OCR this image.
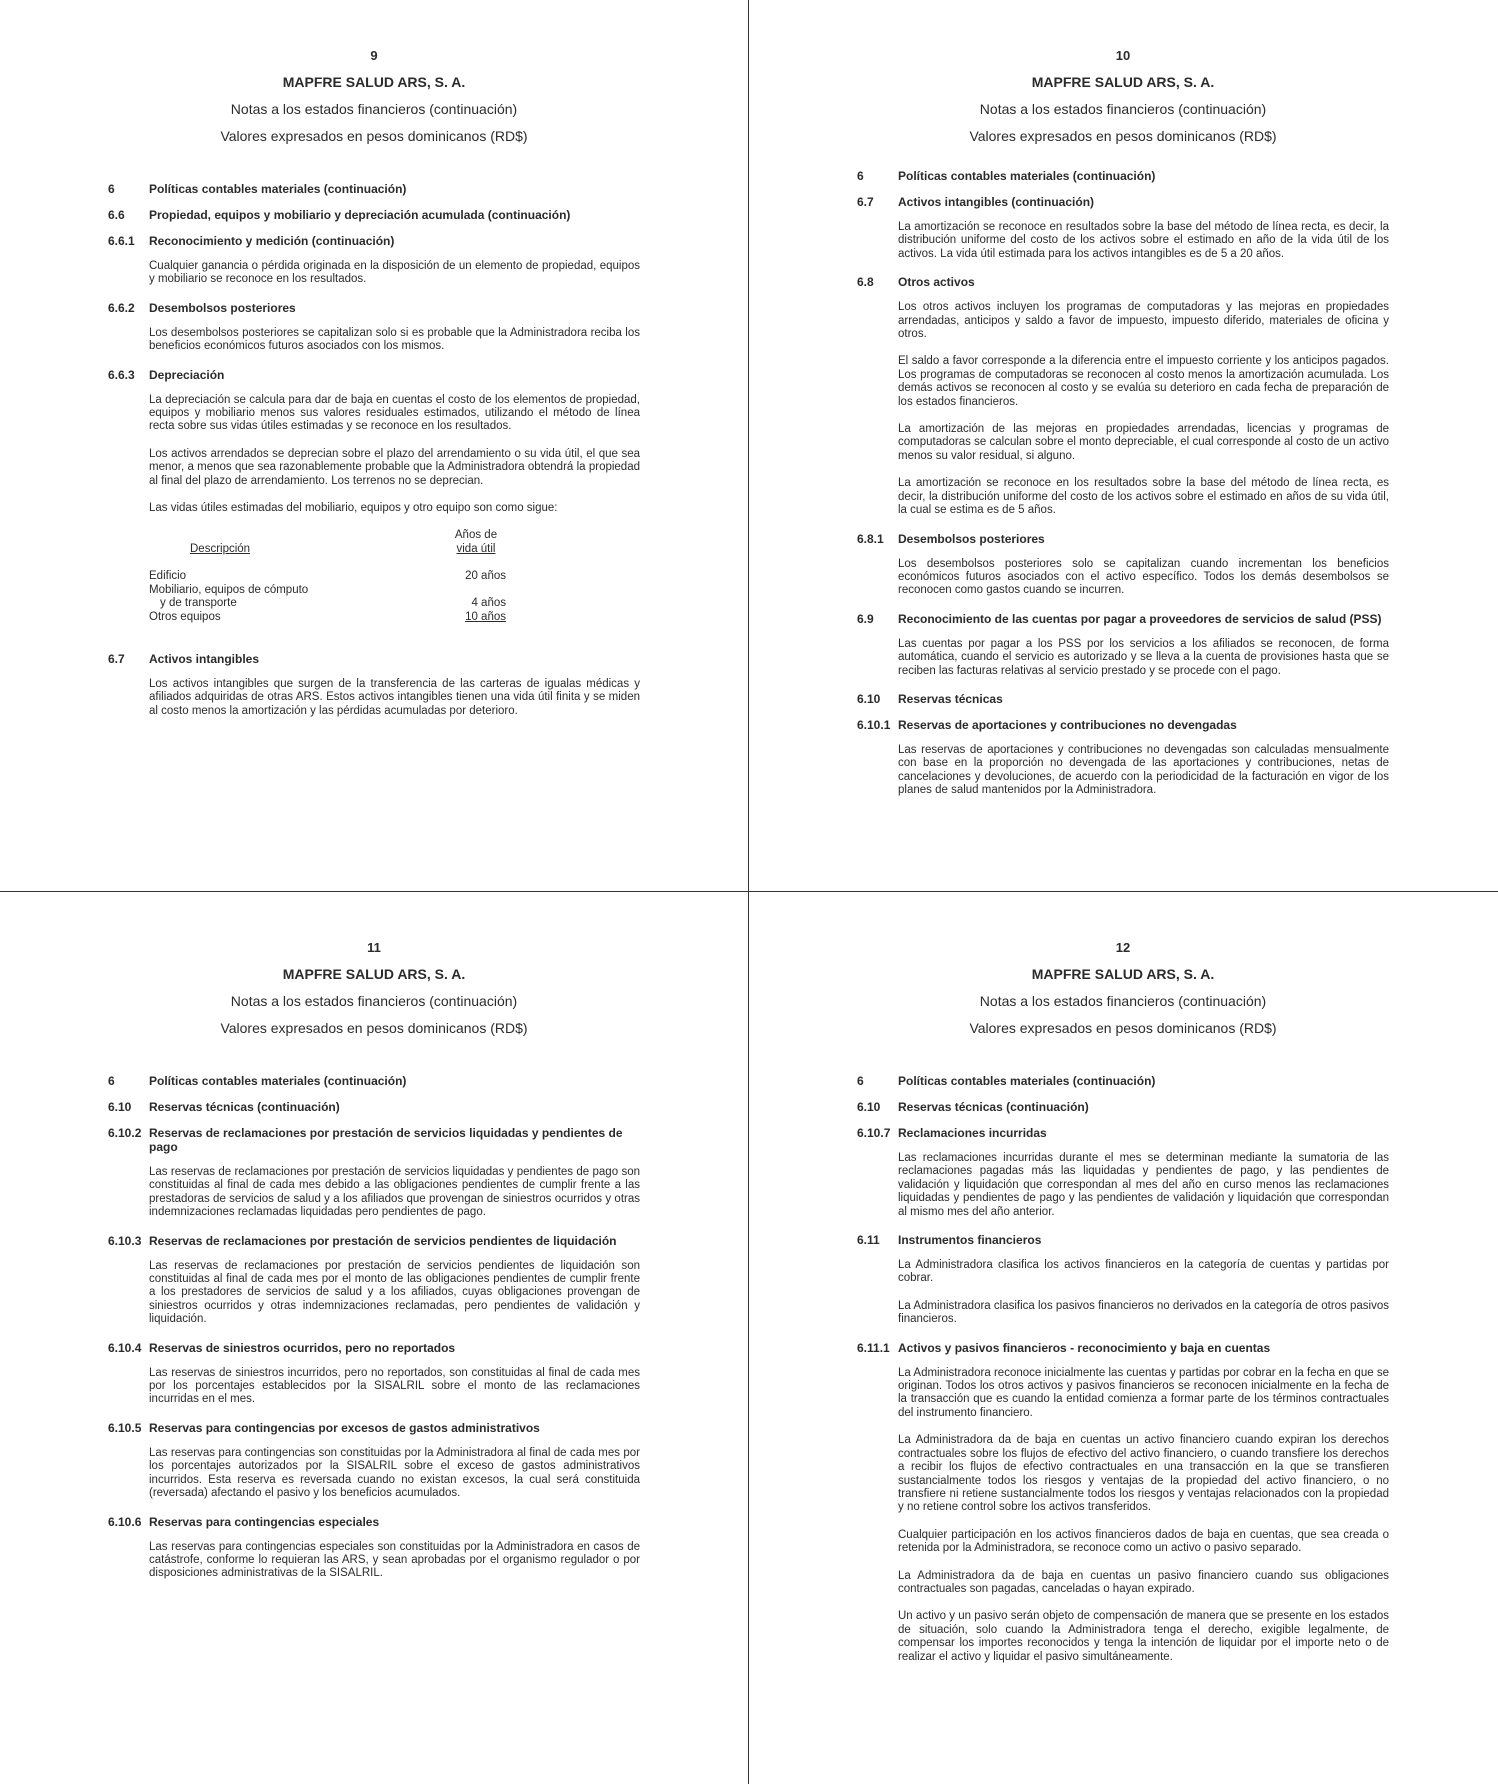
9
MAPFRE SALUD ARS, S. A.
Notas a los estados financieros (continuación)
Valores expresados en pesos dominicanos (RD$)
6	Políticas contables materiales (continuación)
6.6	Propiedad, equipos y mobiliario y depreciación acumulada (continuación)
6.6.1	Reconocimiento y medición (continuación)
Cualquier ganancia o pérdida originada en la disposición de un elemento de propiedad, equipos y mobiliario se reconoce en los resultados.
6.6.2	Desembolsos posteriores
Los desembolsos posteriores se capitalizan solo si es probable que la Administradora reciba los beneficios económicos futuros asociados con los mismos.
6.6.3	Depreciación
La depreciación se calcula para dar de baja en cuentas el costo de los elementos de propiedad, equipos y mobiliario menos sus valores residuales estimados, utilizando el método de línea recta sobre sus vidas útiles estimadas y se reconoce en los resultados.
Los activos arrendados se deprecian sobre el plazo del arrendamiento o su vida útil, el que sea menor, a menos que sea razonablemente probable que la Administradora obtendrá la propiedad al final del plazo de arrendamiento. Los terrenos no se deprecian.
Las vidas útiles estimadas del mobiliario, equipos y otro equipo son como sigue:
Descripción
Años de
vida útil
Edificio	20 años
Mobiliario, equipos de cómputo
y de transporte	4 años
Otros equipos	10 años
6.7	Activos intangibles
Los activos intangibles que surgen de la transferencia de las carteras de igualas médicas y afiliados adquiridas de otras ARS. Estos activos intangibles tienen una vida útil finita y se miden al costo menos la amortización y las pérdidas acumuladas por deterioro.
10
MAPFRE SALUD ARS, S. A.
Notas a los estados financieros (continuación)
Valores expresados en pesos dominicanos (RD$)
6	Políticas contables materiales (continuación)
6.7	Activos intangibles (continuación)
La amortización se reconoce en resultados sobre la base del método de línea recta, es decir, la distribución uniforme del costo de los activos sobre el estimado en año de la vida útil de los activos. La vida útil estimada para los activos intangibles es de 5 a 20 años.
6.8	Otros activos
Los otros activos incluyen los programas de computadoras y las mejoras en propiedades arrendadas, anticipos y saldo a favor de impuesto, impuesto diferido, materiales de oficina y otros.
El saldo a favor corresponde a la diferencia entre el impuesto corriente y los anticipos pagados. Los programas de computadoras se reconocen al costo menos la amortización acumulada. Los demás activos se reconocen al costo y se evalúa su deterioro en cada fecha de preparación de los estados financieros.
La amortización de las mejoras en propiedades arrendadas, licencias y programas de computadoras se calculan sobre el monto depreciable, el cual corresponde al costo de un activo menos su valor residual, si alguno.
La amortización se reconoce en los resultados sobre la base del método de línea recta, es decir, la distribución uniforme del costo de los activos sobre el estimado en años de su vida útil, la cual se estima es de 5 años.
6.8.1	Desembolsos posteriores
Los desembolsos posteriores solo se capitalizan cuando incrementan los beneficios económicos futuros asociados con el activo específico. Todos los demás desembolsos se reconocen como gastos cuando se incurren.
6.9	Reconocimiento de las cuentas por pagar a proveedores de servicios de salud (PSS)
Las cuentas por pagar a los PSS por los servicios a los afiliados se reconocen, de forma automática, cuando el servicio es autorizado y se lleva a la cuenta de provisiones hasta que se reciben las facturas relativas al servicio prestado y se procede con el pago.
6.10	Reservas técnicas
6.10.1 Reservas de aportaciones y contribuciones no devengadas
Las reservas de aportaciones y contribuciones no devengadas son calculadas mensualmente con base en la proporción no devengada de las aportaciones y contribuciones, netas de cancelaciones y devoluciones, de acuerdo con la periodicidad de la facturación en vigor de los planes de salud mantenidos por la Administradora.
11
MAPFRE SALUD ARS, S. A.
Notas a los estados financieros (continuación)
Valores expresados en pesos dominicanos (RD$)
6	Políticas contables materiales (continuación)
6.10	Reservas técnicas (continuación)
6.10.2 Reservas de reclamaciones por prestación de servicios liquidadas y pendientes de pago
Las reservas de reclamaciones por prestación de servicios liquidadas y pendientes de pago son constituidas al final de cada mes debido a las obligaciones pendientes de cumplir frente a las prestadoras de servicios de salud y a los afiliados que provengan de siniestros ocurridos y otras indemnizaciones reclamadas liquidadas pero pendientes de pago.
6.10.3 Reservas de reclamaciones por prestación de servicios pendientes de liquidación
Las reservas de reclamaciones por prestación de servicios pendientes de liquidación son constituidas al final de cada mes por el monto de las obligaciones pendientes de cumplir frente a los prestadores de servicios de salud y a los afiliados, cuyas obligaciones provengan de siniestros ocurridos y otras indemnizaciones reclamadas, pero pendientes de validación y liquidación.
6.10.4 Reservas de siniestros ocurridos, pero no reportados
Las reservas de siniestros incurridos, pero no reportados, son constituidas al final de cada mes por los porcentajes establecidos por la SISALRIL sobre el monto de las reclamaciones incurridas en el mes.
6.10.5 Reservas para contingencias por excesos de gastos administrativos
Las reservas para contingencias son constituidas por la Administradora al final de cada mes por los porcentajes autorizados por la SISALRIL sobre el exceso de gastos administrativos incurridos. Esta reserva es reversada cuando no existan excesos, la cual será constituida (reversada) afectando el pasivo y los beneficios acumulados.
6.10.6 Reservas para contingencias especiales
Las reservas para contingencias especiales son constituidas por la Administradora en casos de catástrofe, conforme lo requieran las ARS, y sean aprobadas por el organismo regulador o por disposiciones administrativas de la SISALRIL.
12
MAPFRE SALUD ARS, S. A.
Notas a los estados financieros (continuación)
Valores expresados en pesos dominicanos (RD$)
6	Políticas contables materiales (continuación)
6.10	Reservas técnicas (continuación)
6.10.7 Reclamaciones incurridas
Las reclamaciones incurridas durante el mes se determinan mediante la sumatoria de las reclamaciones pagadas más las liquidadas y pendientes de pago, y las pendientes de validación y liquidación que correspondan al mes del año en curso menos las reclamaciones liquidadas y pendientes de pago y las pendientes de validación y liquidación que correspondan al mismo mes del año anterior.
6.11	Instrumentos financieros
La Administradora clasifica los activos financieros en la categoría de cuentas y partidas por cobrar.
La Administradora clasifica los pasivos financieros no derivados en la categoría de otros pasivos financieros.
6.11.1 Activos y pasivos financieros - reconocimiento y baja en cuentas
La Administradora reconoce inicialmente las cuentas y partidas por cobrar en la fecha en que se originan. Todos los otros activos y pasivos financieros se reconocen inicialmente en la fecha de la transacción que es cuando la entidad comienza a formar parte de los términos contractuales del instrumento financiero.
La Administradora da de baja en cuentas un activo financiero cuando expiran los derechos contractuales sobre los flujos de efectivo del activo financiero, o cuando transfiere los derechos a recibir los flujos de efectivo contractuales en una transacción en la que se transfieren sustancialmente todos los riesgos y ventajas de la propiedad del activo financiero, o no transfiere ni retiene sustancialmente todos los riesgos y ventajas relacionados con la propiedad y no retiene control sobre los activos transferidos.
Cualquier participación en los activos financieros dados de baja en cuentas, que sea creada o retenida por la Administradora, se reconoce como un activo o pasivo separado.
La Administradora da de baja en cuentas un pasivo financiero cuando sus obligaciones contractuales son pagadas, canceladas o hayan expirado.
Un activo y un pasivo serán objeto de compensación de manera que se presente en los estados de situación, solo cuando la Administradora tenga el derecho, exigible legalmente, de compensar los importes reconocidos y tenga la intención de liquidar por el importe neto o de realizar el activo y liquidar el pasivo simultáneamente.
